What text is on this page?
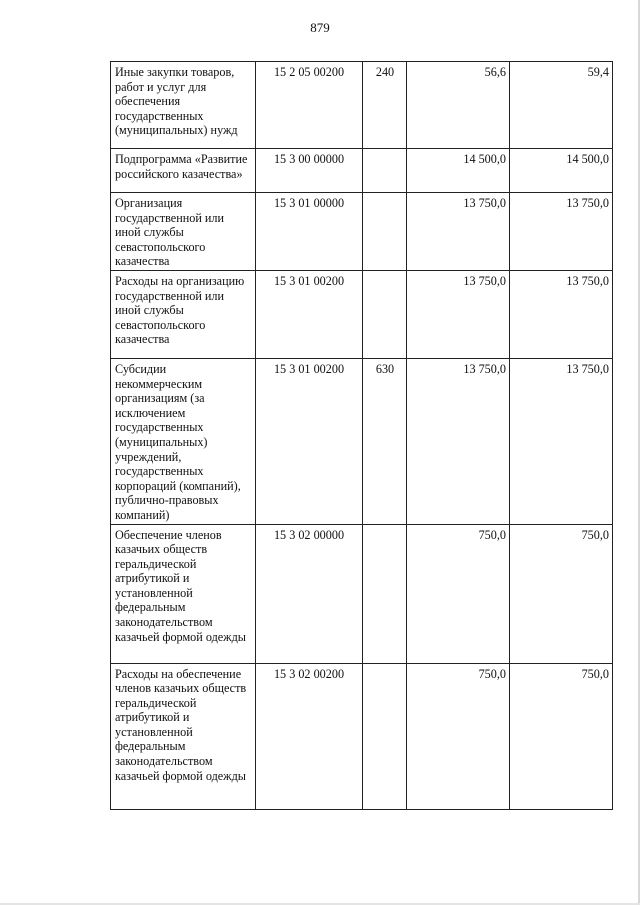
879
Иные закупки товаров, работ и услуг для обеспечения государственных (муниципальных) нужд	15 2 05 00200	240	56,6	59,4
Подпрограмма «Развитие российского казачества»	15 3 00 00000		14 500,0	14 500,0
Организация государственной или иной службы севастопольского казачества	15 3 01 00000		13 750,0	13 750,0
Расходы на организацию государственной или иной службы севастопольского казачества	15 3 01 00200		13 750,0	13 750,0
Субсидии некоммерческим организациям (за исключением государственных (муниципальных) учреждений, государственных корпораций (компаний), публично-правовых компаний)	15 3 01 00200	630	13 750,0	13 750,0
Обеспечение членов казачьих обществ геральдической атрибутикой и установленной федеральным законодательством казачьей формой одежды	15 3 02 00000		750,0	750,0
Расходы на обеспечение членов казачьих обществ геральдической атрибутикой и установленной федеральным законодательством казачьей формой одежды	15 3 02 00200		750,0	750,0
